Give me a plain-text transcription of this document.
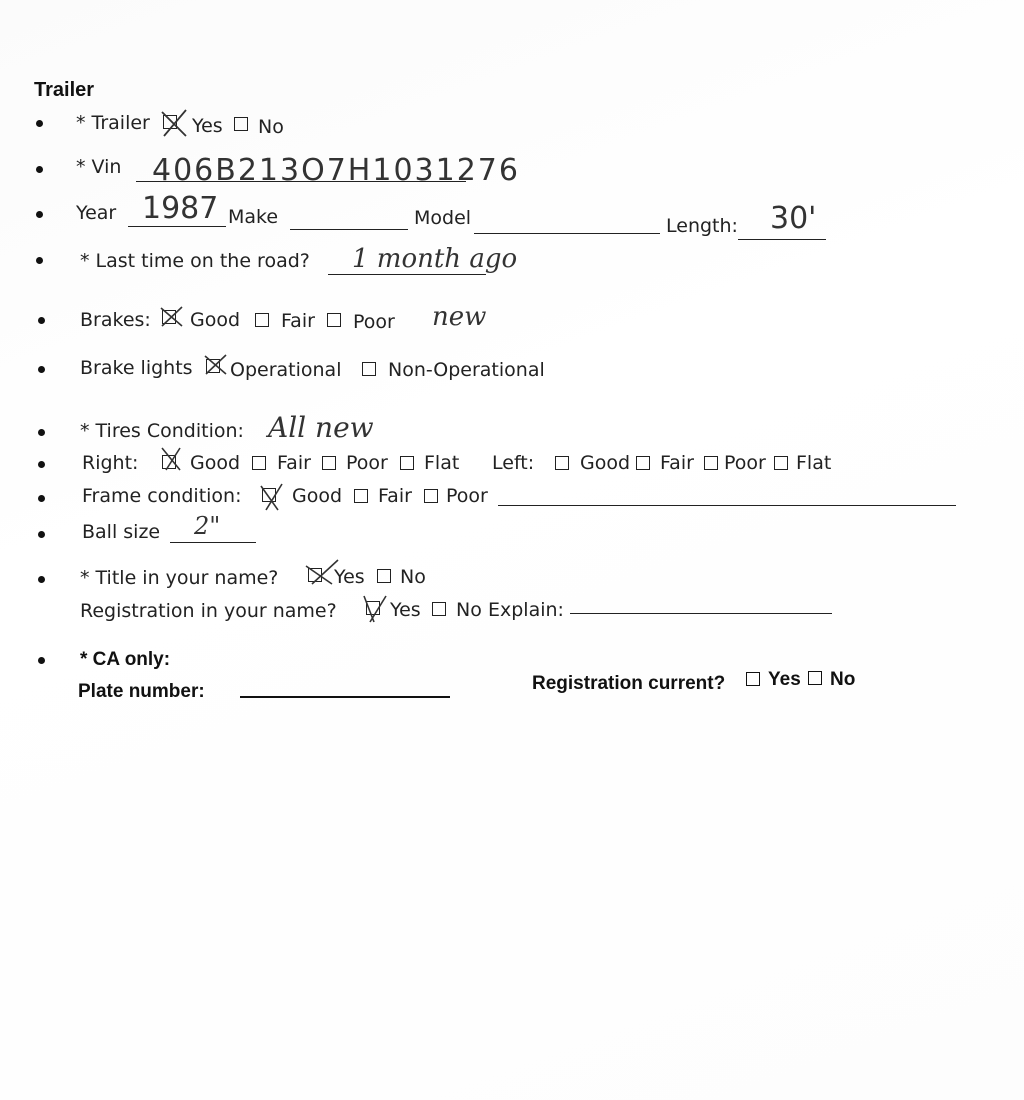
Trailer
* Trailer Yes No
* Vin 406B213O7H1031276
Year 1987 Make	Model	Length: 30'
* Last time on the road? 1 month ago
Brakes: Good Fair Poor new
Brake lights Operational Non-Operational
* Tires Condition: All new
Right:	Good Fair Poor Flat Left: Good Fair Poor Flat
Frame condition:	Good Fair Poor
Ball size 2"
* Title in your name?	Yes No
Registration in your name?	Yes No Explain:
* CA only:
Plate number:	Registration current? Yes No
